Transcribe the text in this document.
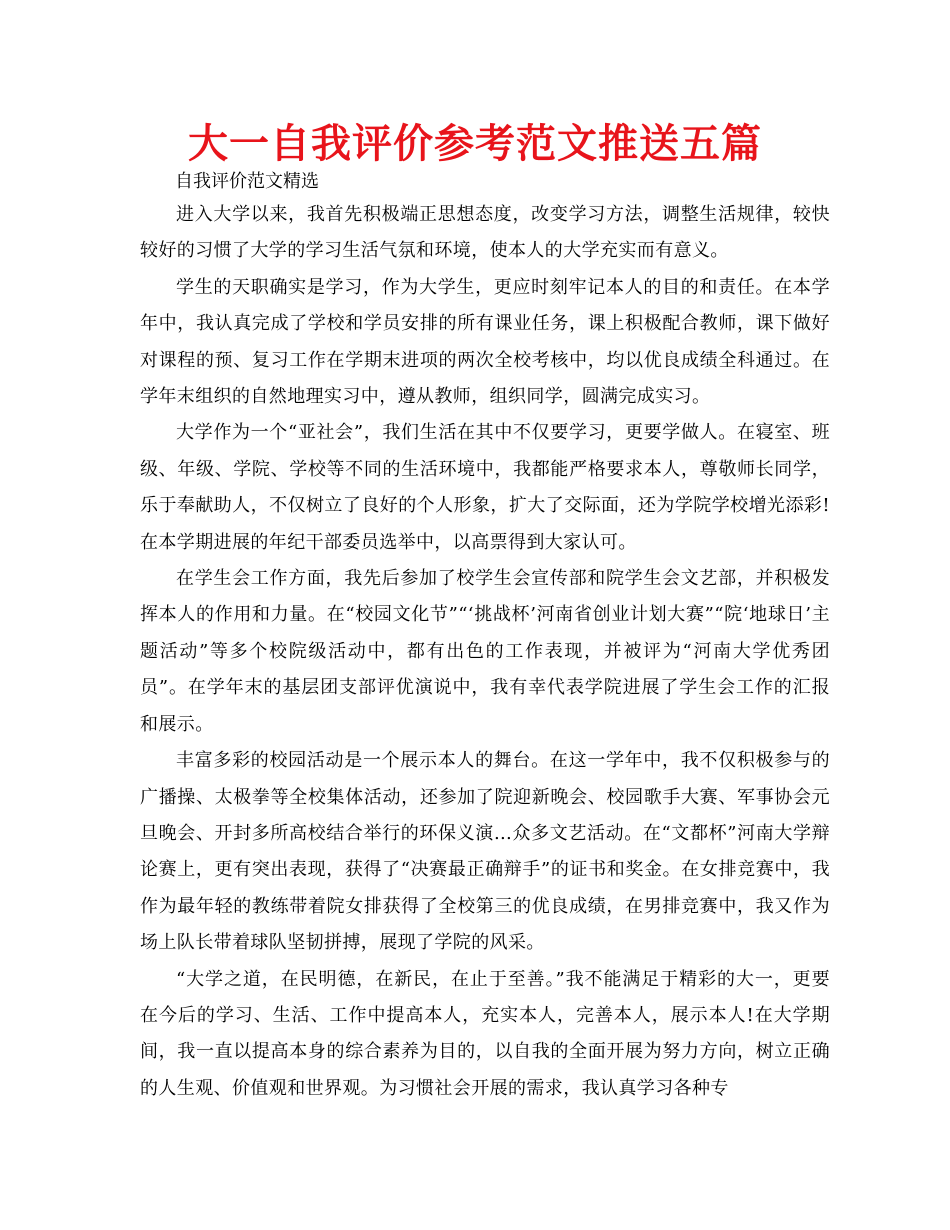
大一自我评价参考范文推送五篇
自我评价范文精选

进入大学以来，我首先积极端正思想态度，改变学习方法，调整生活规律，较快较好的习惯了大学的学习生活气氛和环境，使本人的大学充实而有意义。

学生的天职确实是学习，作为大学生，更应时刻牢记本人的目的和责任。在本学年中，我认真完成了学校和学员安排的所有课业任务，课上积极配合教师，课下做好对课程的预、复习工作在学期末进项的两次全校考核中，均以优良成绩全科通过。在学年末组织的自然地理实习中，遵从教师，组织同学，圆满完成实习。

大学作为一个“亚社会”，我们生活在其中不仅要学习，更要学做人。在寝室、班级、年级、学院、学校等不同的生活环境中，我都能严格要求本人，尊敬师长同学，乐于奉献助人，不仅树立了良好的个人形象，扩大了交际面，还为学院学校增光添彩!在本学期进展的年纪干部委员选举中，以高票得到大家认可。

在学生会工作方面，我先后参加了校学生会宣传部和院学生会文艺部，并积极发挥本人的作用和力量。在“校园文化节”“‘挑战杯’河南省创业计划大赛”“院‘地球日’主题活动”等多个校院级活动中，都有出色的工作表现，并被评为“河南大学优秀团员”。在学年末的基层团支部评优演说中，我有幸代表学院进展了学生会工作的汇报和展示。

丰富多彩的校园活动是一个展示本人的舞台。在这一学年中，我不仅积极参与的广播操、太极拳等全校集体活动，还参加了院迎新晚会、校园歌手大赛、军事协会元旦晚会、开封多所高校结合举行的环保义演…众多文艺活动。在“文都杯”河南大学辩论赛上，更有突出表现，获得了“决赛最正确辩手”的证书和奖金。在女排竞赛中，我作为最年轻的教练带着院女排获得了全校第三的优良成绩，在男排竞赛中，我又作为场上队长带着球队坚韧拼搏，展现了学院的风采。

“大学之道，在民明德，在新民，在止于至善。”我不能满足于精彩的大一，更要在今后的学习、生活、工作中提高本人，充实本人，完善本人，展示本人!在大学期间，我一直以提高本身的综合素养为目的，以自我的全面开展为努力方向，树立正确的人生观、价值观和世界观。为习惯社会开展的需求，我认真学习各种专
